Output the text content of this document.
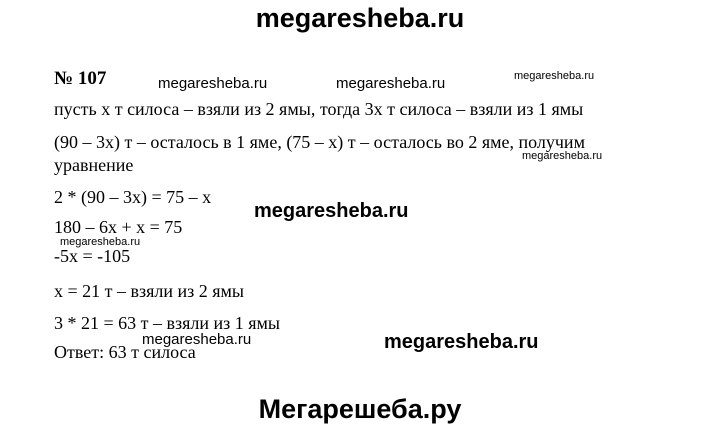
megaresheba.ru
№ 107	megaresheba.ru	megaresheba.ru	megaresheba.ru
пусть х т силоса – взяли из 2 ямы, тогда 3х т силоса – взяли из 1 ямы
(90 – 3х) т – осталось в 1 яме, (75 – х) т – осталось во 2 яме, получим
megaresheba.ru
уравнение
2 * (90 – 3х) = 75 – х
megaresheba.ru
180 – 6х + х = 75
megaresheba.ru
-5х = -105
х = 21 т – взяли из 2 ямы
3 * 21 = 63 т – взяли из 1 ямы
megaresheba.ru	megaresheba.ru
Ответ: 63 т силоса
Мегарешеба.ру
